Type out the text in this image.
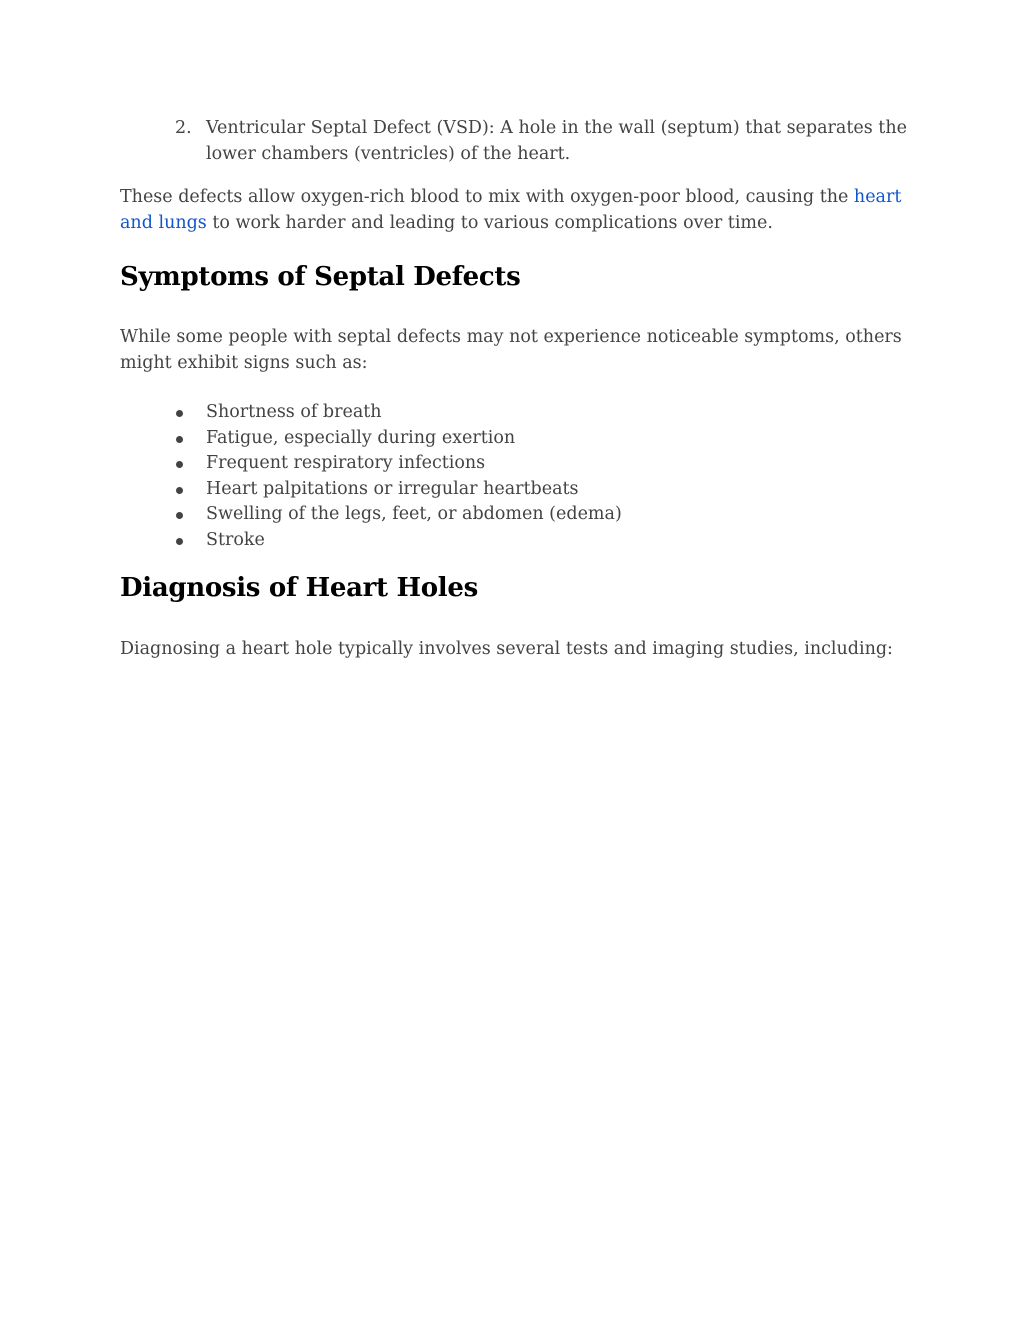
2. Ventricular Septal Defect (VSD): A hole in the wall (septum) that separates the lower chambers (ventricles) of the heart.

These defects allow oxygen-rich blood to mix with oxygen-poor blood, causing the heart and lungs to work harder and leading to various complications over time.

Symptoms of Septal Defects

While some people with septal defects may not experience noticeable symptoms, others might exhibit signs such as:

Shortness of breath
Fatigue, especially during exertion
Frequent respiratory infections
Heart palpitations or irregular heartbeats
Swelling of the legs, feet, or abdomen (edema)
Stroke
Diagnosis of Heart Holes

Diagnosing a heart hole typically involves several tests and imaging studies, including:
